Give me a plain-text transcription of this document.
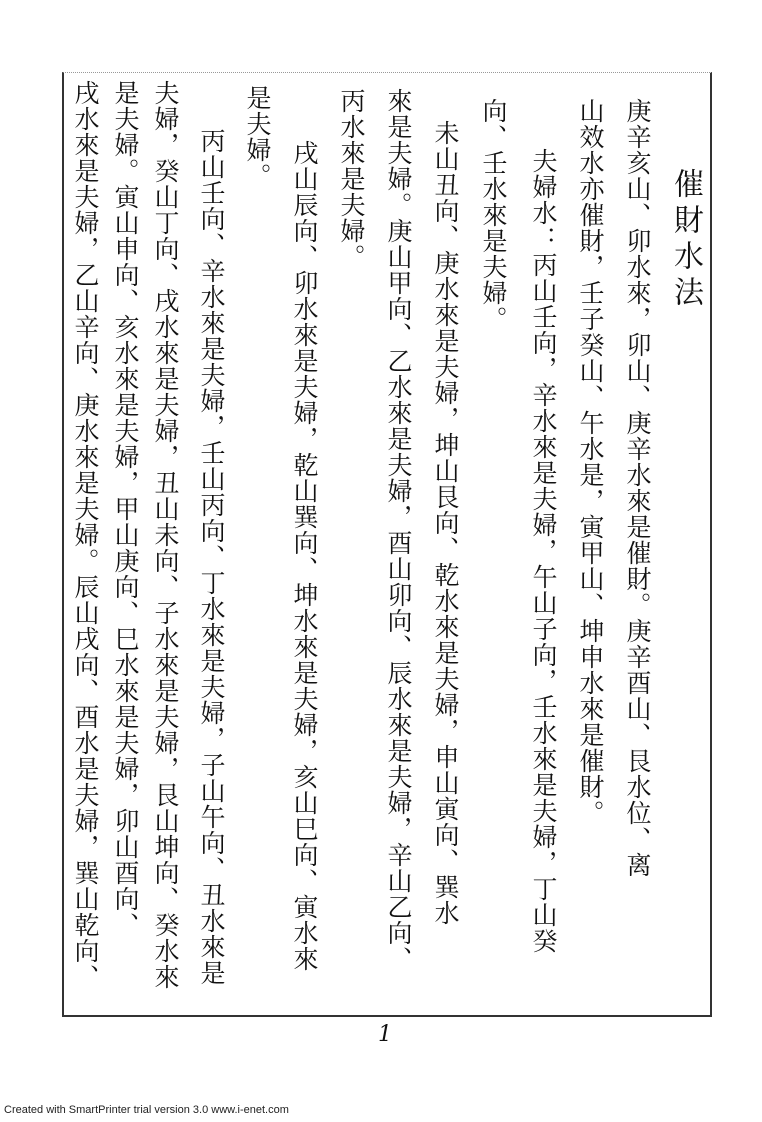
催財水法
庚辛亥山、卯水來，卯山、庚辛水來是催財。庚辛酉山、艮水位、离
山效水亦催財，壬子癸山、午水是，寅甲山、坤申水來是催財。
夫婦水：丙山壬向，辛水來是夫婦，午山子向，壬水來是夫婦，丁山癸
向、壬水來是夫婦。
未山丑向、庚水來是夫婦，坤山艮向、乾水來是夫婦，申山寅向、巽水
來是夫婦。庚山甲向、乙水來是夫婦，酉山卯向、辰水來是夫婦，辛山乙向、
丙水來是夫婦。
戌山辰向、卯水來是夫婦，乾山巽向、坤水來是夫婦，亥山巳向、寅水來
是夫婦。
丙山壬向、辛水來是夫婦，壬山丙向、丁水來是夫婦，子山午向、丑水來是
夫婦，癸山丁向、戌水來是夫婦，丑山未向、子水來是夫婦，艮山坤向、癸水來
是夫婦。寅山申向、亥水來是夫婦，甲山庚向、巳水來是夫婦，卯山酉向、
戌水來是夫婦，乙山辛向、庚水來是夫婦。辰山戌向、酉水是夫婦，巽山乾向、
1
Created with SmartPrinter trial version 3.0 www.i-enet.com
